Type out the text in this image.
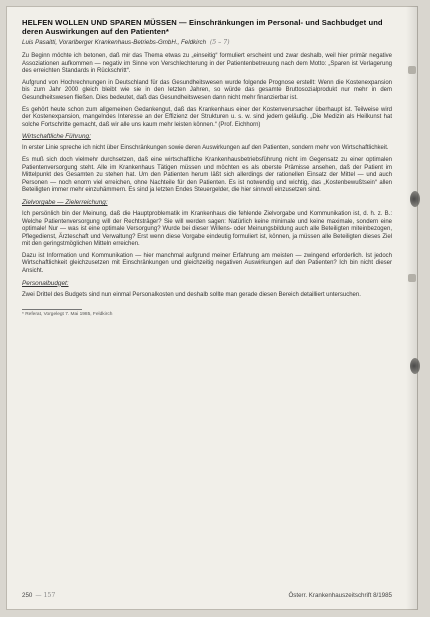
HELFEN WOLLEN UND SPAREN MÜSSEN — Einschränkungen im Personal- und Sachbudget und deren Auswirkungen auf den Patienten*

Luis Pasaitti, Vorarlberger Krankenhaus-Betriebs-GmbH., Feldkirch (5 – 7)

Zu Beginn möchte ich betonen, daß mir das Thema etwas zu „einseitig“ formuliert erscheint und zwar deshalb, weil hier primär negative Assoziationen aufkommen — negativ im Sinne von Verschlechterung in der Patientenbetreuung nach dem Motto: „Sparen ist Verlagerung des erreichten Standards in Rückschritt“.

Aufgrund von Hochrechnungen in Deutschland für das Gesundheitswesen wurde folgende Prognose erstellt: Wenn die Kostenexpansion bis zum Jahr 2000 gleich bleibt wie sie in den letzten Jahren, so würde das gesamte Bruttosozialprodukt nur mehr in dem Gesundheitswesen fließen. Dies bedeutet, daß das Gesundheitswesen dann nicht mehr finanzierbar ist.

Es gehört heute schon zum allgemeinen Gedankengut, daß das Krankenhaus einer der Kostenverursacher überhaupt ist. Teilweise wird der Kostenexpansion, mangelndes Interesse an der Effizienz der Strukturen u. s. w. sind jedem geläufig. „Die Medizin als Heilkunst hat solche Fortschritte gemacht, daß wir alle uns kaum mehr leisten können.“ (Prof. Eichhorn)

Wirtschaftliche Führung:

In erster Linie spreche ich nicht über Einschränkungen sowie deren Auswirkungen auf den Patienten, sondern mehr von Wirtschaftlichkeit.

Es muß sich doch vielmehr durchsetzen, daß eine wirtschaftliche Krankenhausbetriebsführung nicht im Gegensatz zu einer optimalen Patientenversorgung steht. Alle im Krankenhaus Tätigen müssen und möchten es als oberste Prämisse ansehen, daß der Patient im Mittelpunkt des Gesamten zu stehen hat. Um den Patienten herum läßt sich allerdings der rationellen Einsatz der Mittel — und auch Personen — noch enorm viel erreichen, ohne Nachteile für den Patienten. Es ist notwendig und wichtig, das „Kostenbewußtsein“ allen Beteiligten immer mehr einzuhämmern. Es sind ja letzten Endes Steuergelder, die hier sinnvoll einzusetzen sind.

Zielvorgabe — Zielerreichung:

Ich persönlich bin der Meinung, daß die Hauptproblematik im Krankenhaus die fehlende Zielvorgabe und Kommunikation ist, d. h. z. B.: Welche Patientenversorgung will der Rechtsträger? Sie will werden sagen: Natürlich keine minimale und keine maximale, sondern eine optimale! Nur — was ist eine optimale Versorgung? Wurde bei dieser Willens- oder Meinungsbildung auch alle Beteiligten miteinbezogen, Pflegedienst, Ärzteschaft und Verwaltung? Erst wenn diese Vorgabe eindeutig formuliert ist, können, ja müssen alle Beteiligten dieses Ziel mit den geringstmöglichen Mitteln erreichen.

Dazu ist Information und Kommunikation — hier manchmal aufgrund meiner Erfahrung am meisten — zwingend erforderlich. Ist jedoch Wirtschaftlichkeit gleichzusetzen mit Einschränkungen und gleichzeitig negativen Auswirkungen auf den Patienten? Ich bin nicht dieser Ansicht.

Personalbudget:

Zwei Drittel des Budgets sind nun einmal Personalkosten und deshalb sollte man gerade diesen Bereich detailliert untersuchen.

* Referat, Vorgelegt 7. Mai 1985, Feldkirch

250 — 157	Österr. Krankenhauszeitschrift 8/1985
